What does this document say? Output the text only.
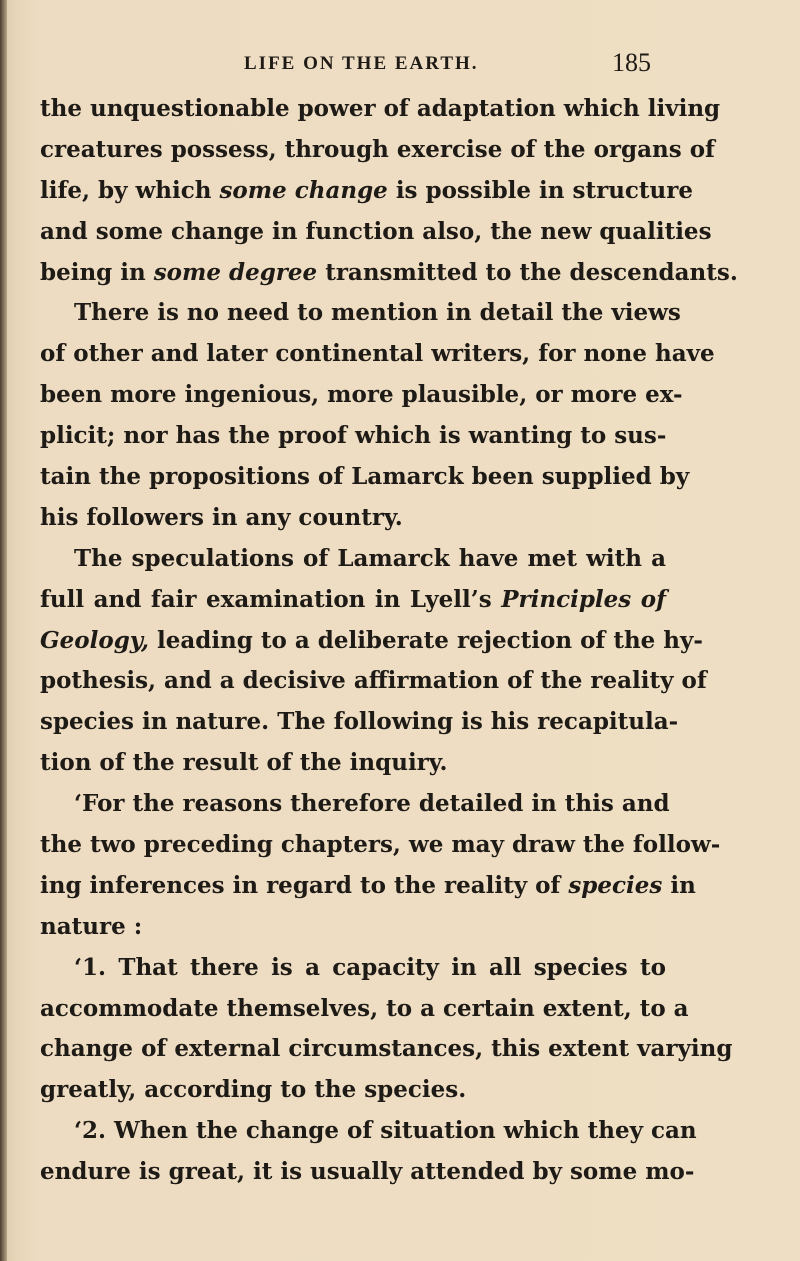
LIFE ON THE EARTH.	185
the unquestionable power of adaptation which living
creatures possess, through exercise of the organs of
life, by which some change is possible in structure
and some change in function also, the new qualities
being in some degree transmitted to the descendants.
There is no need to mention in detail the views
of other and later continental writers, for none have
been more ingenious, more plausible, or more ex-
plicit; nor has the proof which is wanting to sus-
tain the propositions of Lamarck been supplied by
his followers in any country.
The speculations of Lamarck have met with a
full and fair examination in Lyell’s Principles of
Geology, leading to a deliberate rejection of the hy-
pothesis, and a decisive affirmation of the reality of
species in nature. The following is his recapitula-
tion of the result of the inquiry.
‘For the reasons therefore detailed in this and
the two preceding chapters, we may draw the follow-
ing inferences in regard to the reality of species in
nature :
‘1. That there is a capacity in all species to
accommodate themselves, to a certain extent, to a
change of external circumstances, this extent varying
greatly, according to the species.
‘2. When the change of situation which they can
endure is great, it is usually attended by some mo-
